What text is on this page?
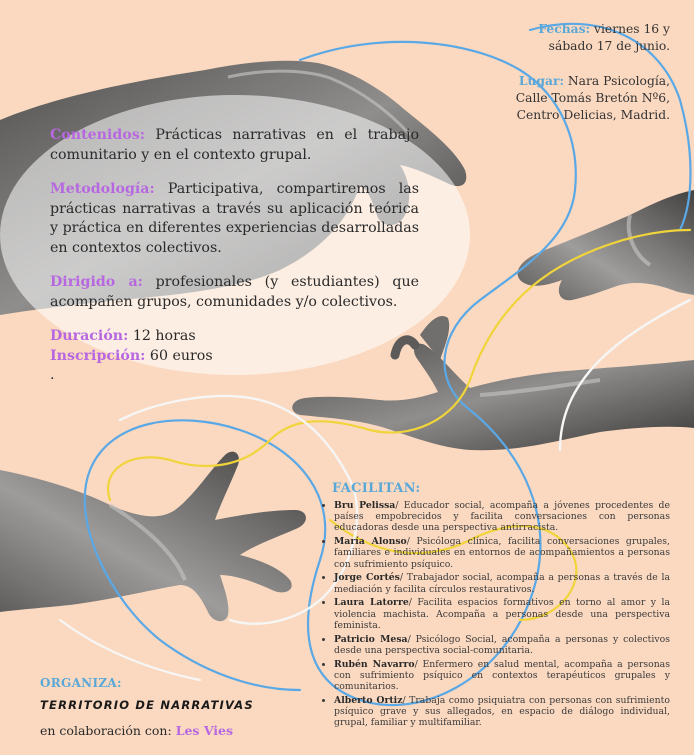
Fechas: viernes 16 y
sábado 17 de junio.
Lugar: Nara Psicología,
Calle Tomás Bretón Nº6,
Centro Delicias, Madrid.

Contenidos: Prácticas narrativas en el trabajo comunitario y en el contexto grupal.

Metodología: Participativa, compartiremos las prácticas narrativas a través su aplicación teórica y práctica en diferentes experiencias desarrolladas en contextos colectivos.

Dirigido a: profesionales (y estudiantes) que acompañen grupos, comunidades y/o colectivos.

Duración: 12 horas

Inscripción: 60 euros

.

FACILITAN:
• Bru Pelissa/ Educador social, acompaña a jóvenes procedentes de países empobrecidos y facilita conversaciones con personas educadoras desde una perspectiva antirracista.
• María Alonso/ Psicóloga clínica, facilita conversaciones grupales, familiares e individuales en entornos de acompañamientos a personas con sufrimiento psíquico.
• Jorge Cortés/ Trabajador social, acompaña a personas a través de la mediación y facilita círculos restaurativos.
• Laura Latorre/ Facilita espacios formativos en torno al amor y la violencia machista. Acompaña a personas desde una perspectiva feminista.
• Patricio Mesa/ Psicólogo Social, acompaña a personas y colectivos desde una perspectiva social-comunitaria.
• Rubén Navarro/ Enfermero en salud mental, acompaña a personas con sufrimiento psíquico en contextos terapéuticos grupales y comunitarios.
• Alberto Ortiz/ Trabaja como psiquiatra con personas con sufrimiento psíquico grave y sus allegados, en espacio de diálogo individual, grupal, familiar y multifamiliar.
ORGANIZA:
TERRITORIO DE NARRATIVAS
en colaboración con: Les Vies
